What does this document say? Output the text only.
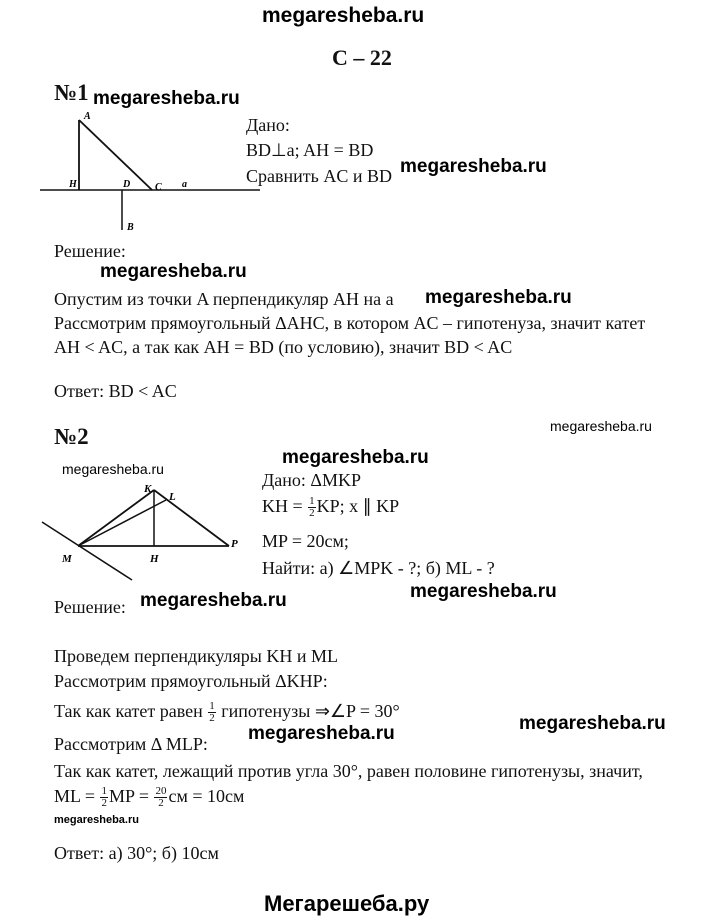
megaresheba.ru
С – 22
№1 megaresheba.ru
A
H	D C a
B
Дано:
BD⊥a; AH = BD
Сравнить AC и BD megaresheba.ru
Решение:
megaresheba.ru
Опустим из точки A перпендикуляр AH на a megaresheba.ru
Рассмотрим прямоугольный ΔAHC, в котором AC – гипотенуза, значит катет
AH < AC, а так как AH = BD (по условию), значит BD < AC
Ответ: BD < AC
№2	megaresheba.ru
megaresheba.ru
megaresheba.ru
K
L
M	H
P
Дано: ΔMKP
KH = $\frac{1}{2}$ KP; x ∥ KP
MP = 20см;
Найти: а) ∠MPK - ?; б) ML - ?
Решение: megaresheba.ru	megaresheba.ru
Проведем перпендикуляры KH и ML
Рассмотрим прямоугольный ΔKHP:
Так как катет равен $\frac{1}{2}$ гипотенузы ⇒∠P = 30°
megaresheba.ru
Рассмотрим Δ MLP: megaresheba.ru
Так как катет, лежащий против угла 30°, равен половине гипотенузы, значит,
ML = $\frac{1}{2}$ MP = $\frac{20}{2}$ см = 10см
megaresheba.ru
Ответ: а) 30°; б) 10см
Мегарешеба.ру
